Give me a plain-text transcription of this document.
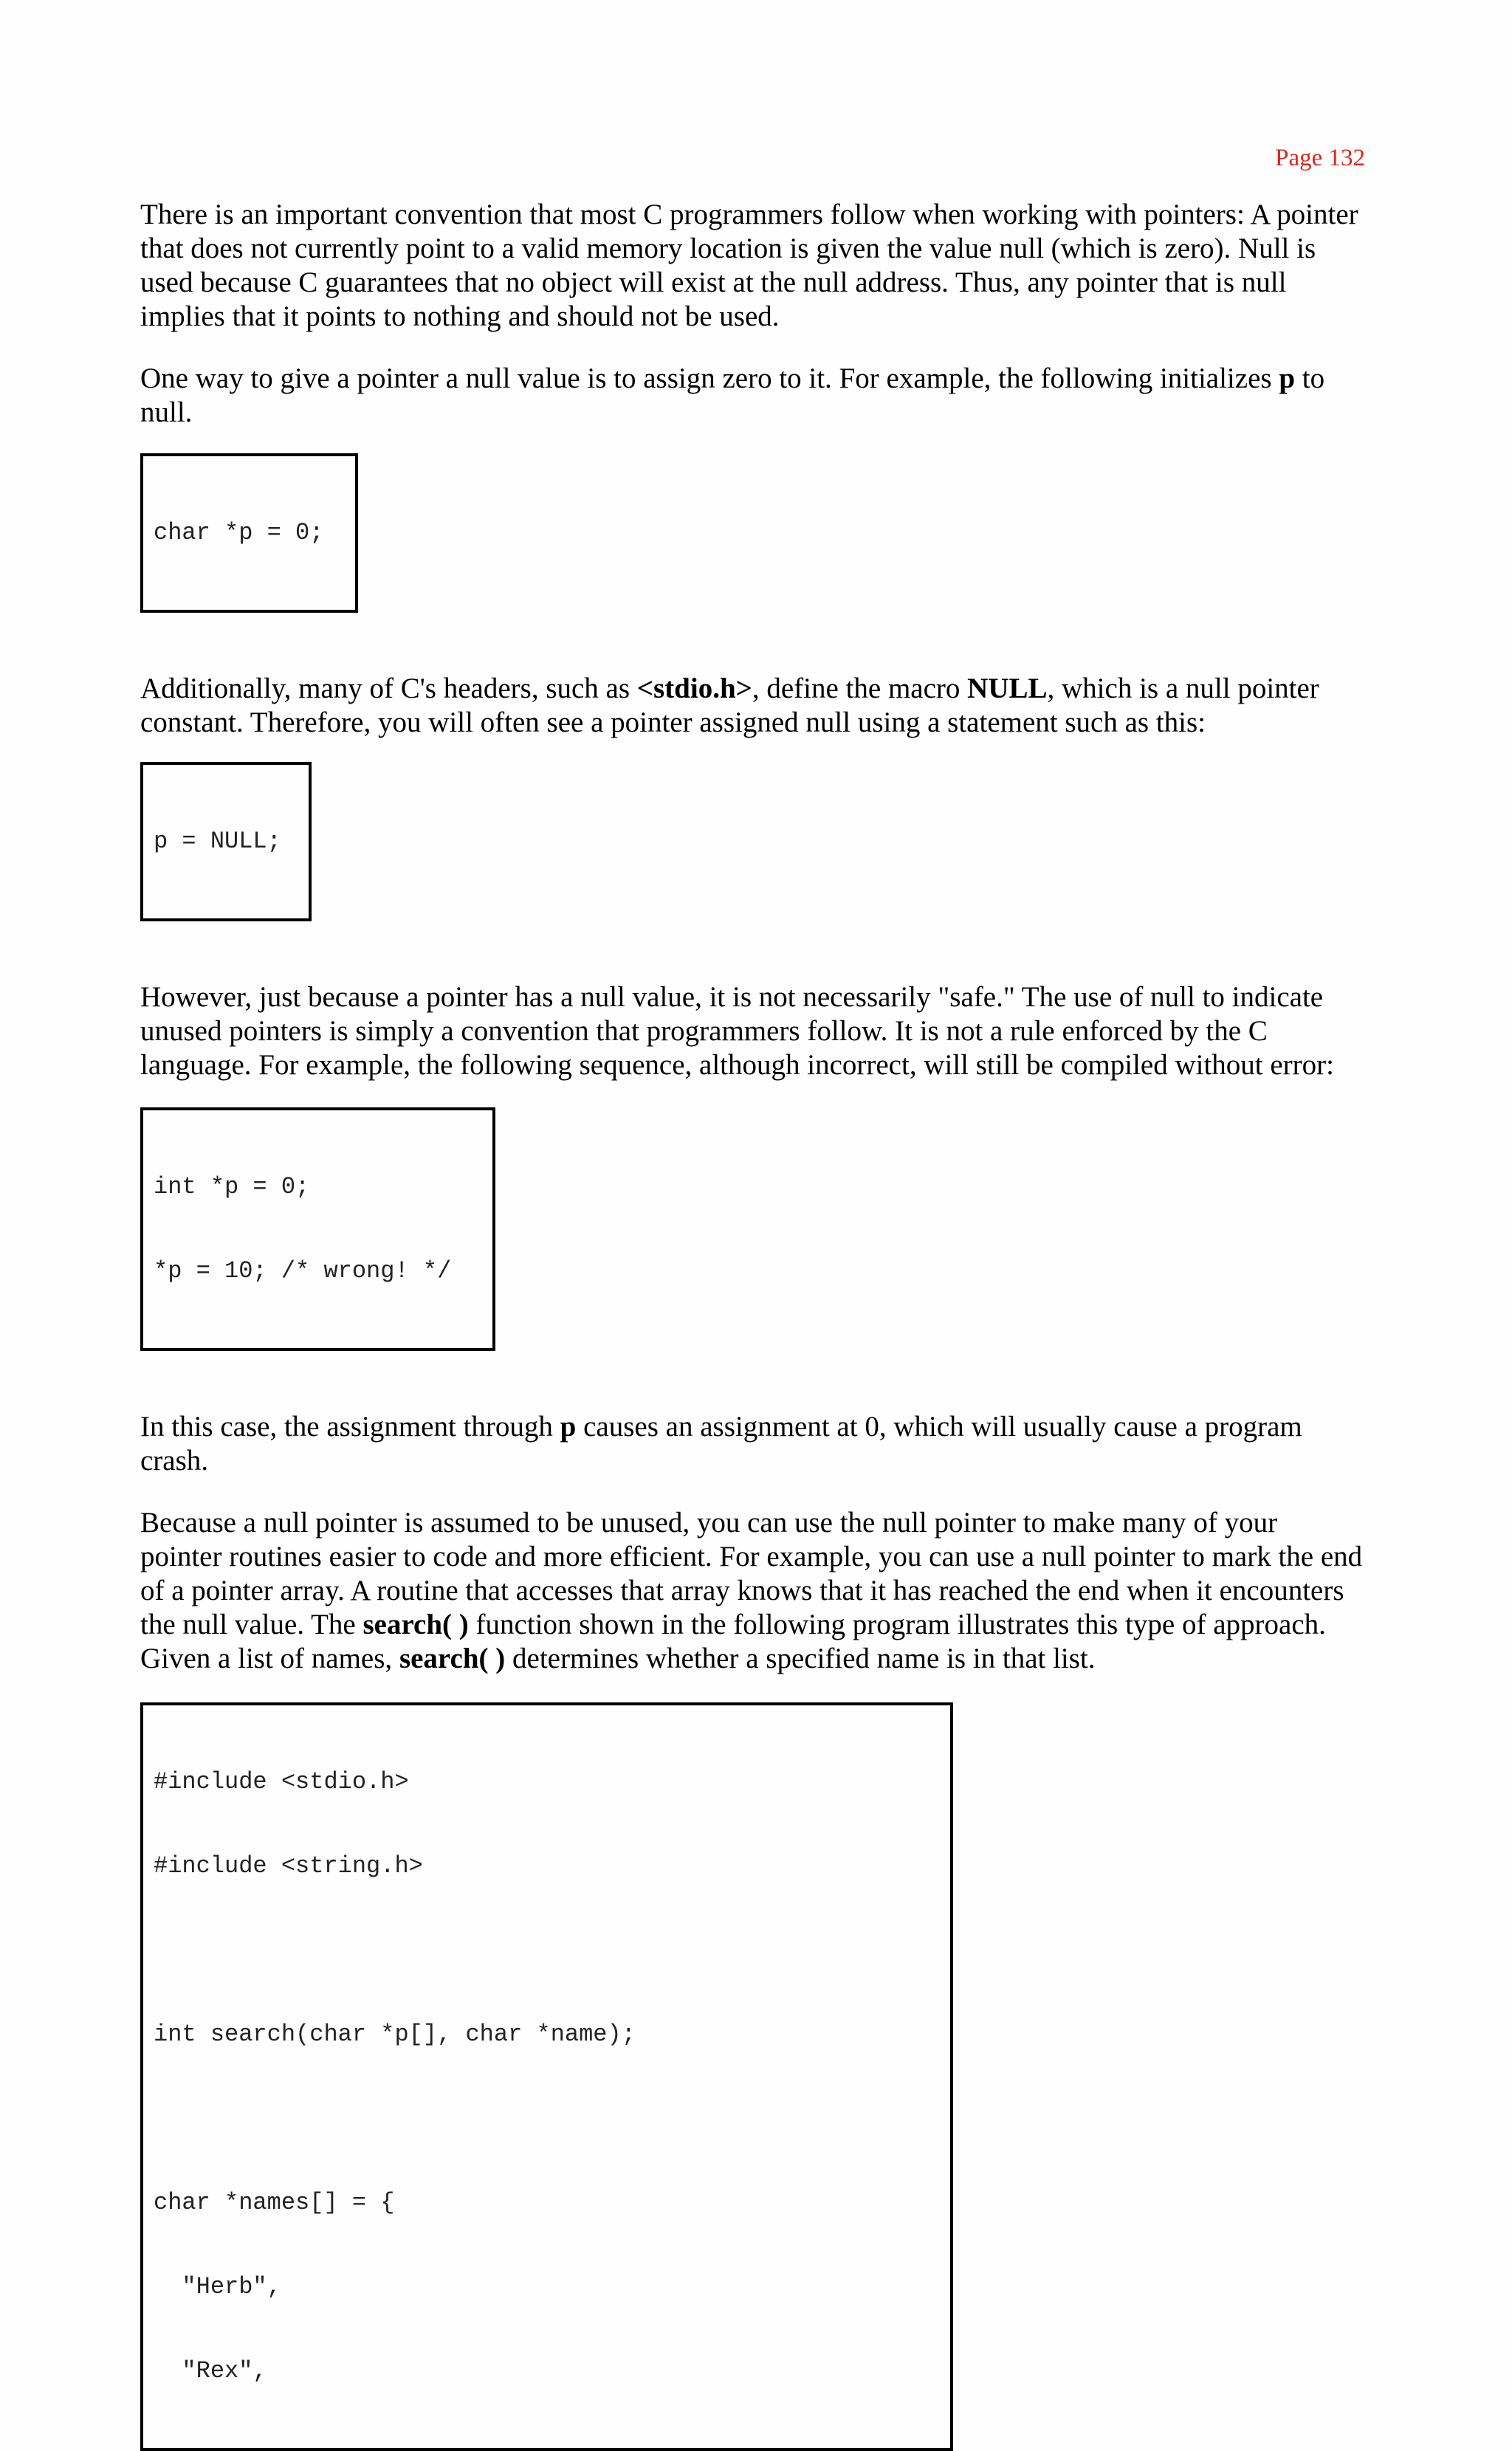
Page 132

There is an important convention that most C programmers follow when working with pointers: A pointer that does not currently point to a valid memory location is given the value null (which is zero). Null is used because C guarantees that no object will exist at the null address. Thus, any pointer that is null implies that it points to nothing and should not be used.

One way to give a pointer a null value is to assign zero to it. For example, the following initializes p to null.

char *p = 0;

Additionally, many of C's headers, such as <stdio.h>, define the macro NULL, which is a null pointer constant. Therefore, you will often see a pointer assigned null using a statement such as this:

p = NULL;

However, just because a pointer has a null value, it is not necessarily "safe." The use of null to indicate unused pointers is simply a convention that programmers follow. It is not a rule enforced by the C language. For example, the following sequence, although incorrect, will still be compiled without error:

int *p = 0;

*p = 10; /* wrong! */

In this case, the assignment through p causes an assignment at 0, which will usually cause a program crash.

Because a null pointer is assumed to be unused, you can use the null pointer to make many of your pointer routines easier to code and more efficient. For example, you can use a null pointer to mark the end of a pointer array. A routine that accesses that array knows that it has reached the end when it encounters the null value. The search( ) function shown in the following program illustrates this type of approach. Given a list of names, search( ) determines whether a specified name is in that list.

#include <stdio.h>

#include <string.h>

int search(char *p[], char *name);

char *names[] = {

"Herb",

"Rex",
